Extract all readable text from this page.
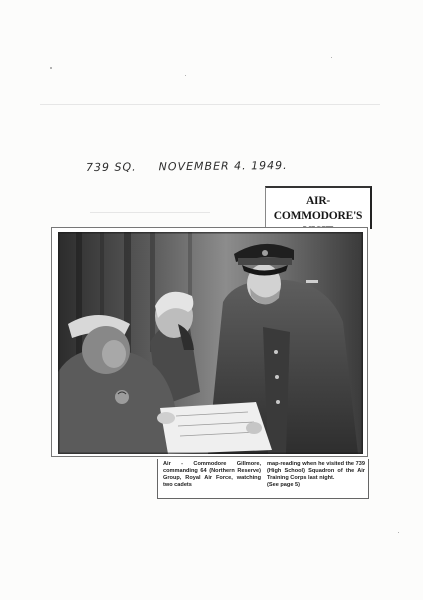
739 SQ. NOVEMBER 4. 1949.
AIR-COMMODORE'S

Air - Commodore Gillmore, commanding 64 (Northern Reserve) Group, Royal Air Force, watching two cadets

map-reading when he visited the 739 (High School) Squadron of the Air Training Corps last night.
(See page 5)
